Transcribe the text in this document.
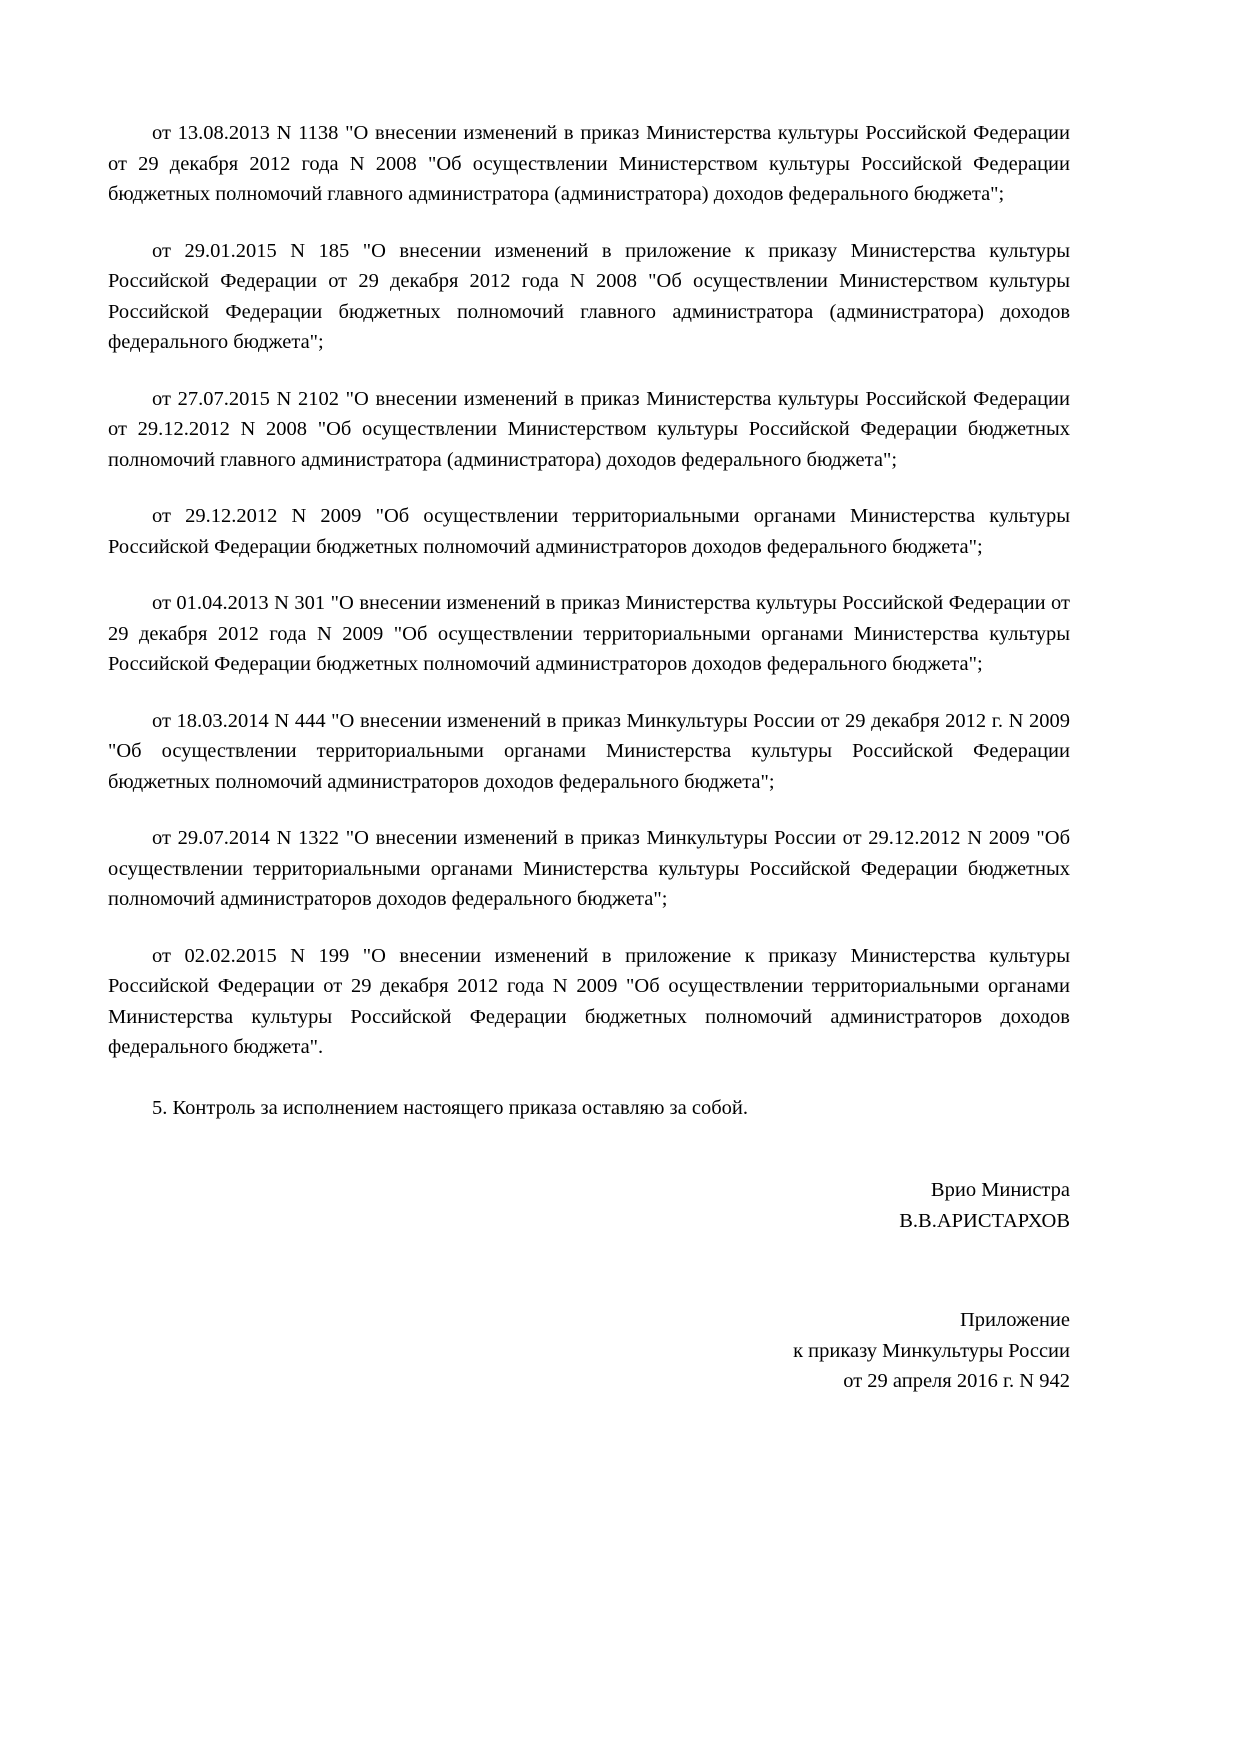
от 13.08.2013 N 1138 "О внесении изменений в приказ Министерства культуры Российской Федерации от 29 декабря 2012 года N 2008 "Об осуществлении Министерством культуры Российской Федерации бюджетных полномочий главного администратора (администратора) доходов федерального бюджета";

от 29.01.2015 N 185 "О внесении изменений в приложение к приказу Министерства культуры Российской Федерации от 29 декабря 2012 года N 2008 "Об осуществлении Министерством культуры Российской Федерации бюджетных полномочий главного администратора (администратора) доходов федерального бюджета";

от 27.07.2015 N 2102 "О внесении изменений в приказ Министерства культуры Российской Федерации от 29.12.2012 N 2008 "Об осуществлении Министерством культуры Российской Федерации бюджетных полномочий главного администратора (администратора) доходов федерального бюджета";

от 29.12.2012 N 2009 "Об осуществлении территориальными органами Министерства культуры Российской Федерации бюджетных полномочий администраторов доходов федерального бюджета";

от 01.04.2013 N 301 "О внесении изменений в приказ Министерства культуры Российской Федерации от 29 декабря 2012 года N 2009 "Об осуществлении территориальными органами Министерства культуры Российской Федерации бюджетных полномочий администраторов доходов федерального бюджета";

от 18.03.2014 N 444 "О внесении изменений в приказ Минкультуры России от 29 декабря 2012 г. N 2009 "Об осуществлении территориальными органами Министерства культуры Российской Федерации бюджетных полномочий администраторов доходов федерального бюджета";

от 29.07.2014 N 1322 "О внесении изменений в приказ Минкультуры России от 29.12.2012 N 2009 "Об осуществлении территориальными органами Министерства культуры Российской Федерации бюджетных полномочий администраторов доходов федерального бюджета";

от 02.02.2015 N 199 "О внесении изменений в приложение к приказу Министерства культуры Российской Федерации от 29 декабря 2012 года N 2009 "Об осуществлении территориальными органами Министерства культуры Российской Федерации бюджетных полномочий администраторов доходов федерального бюджета".

5. Контроль за исполнением настоящего приказа оставляю за собой.

Врио Министра
В.В.АРИСТАРХОВ
Приложение
к приказу Минкультуры России
от 29 апреля 2016 г. N 942
